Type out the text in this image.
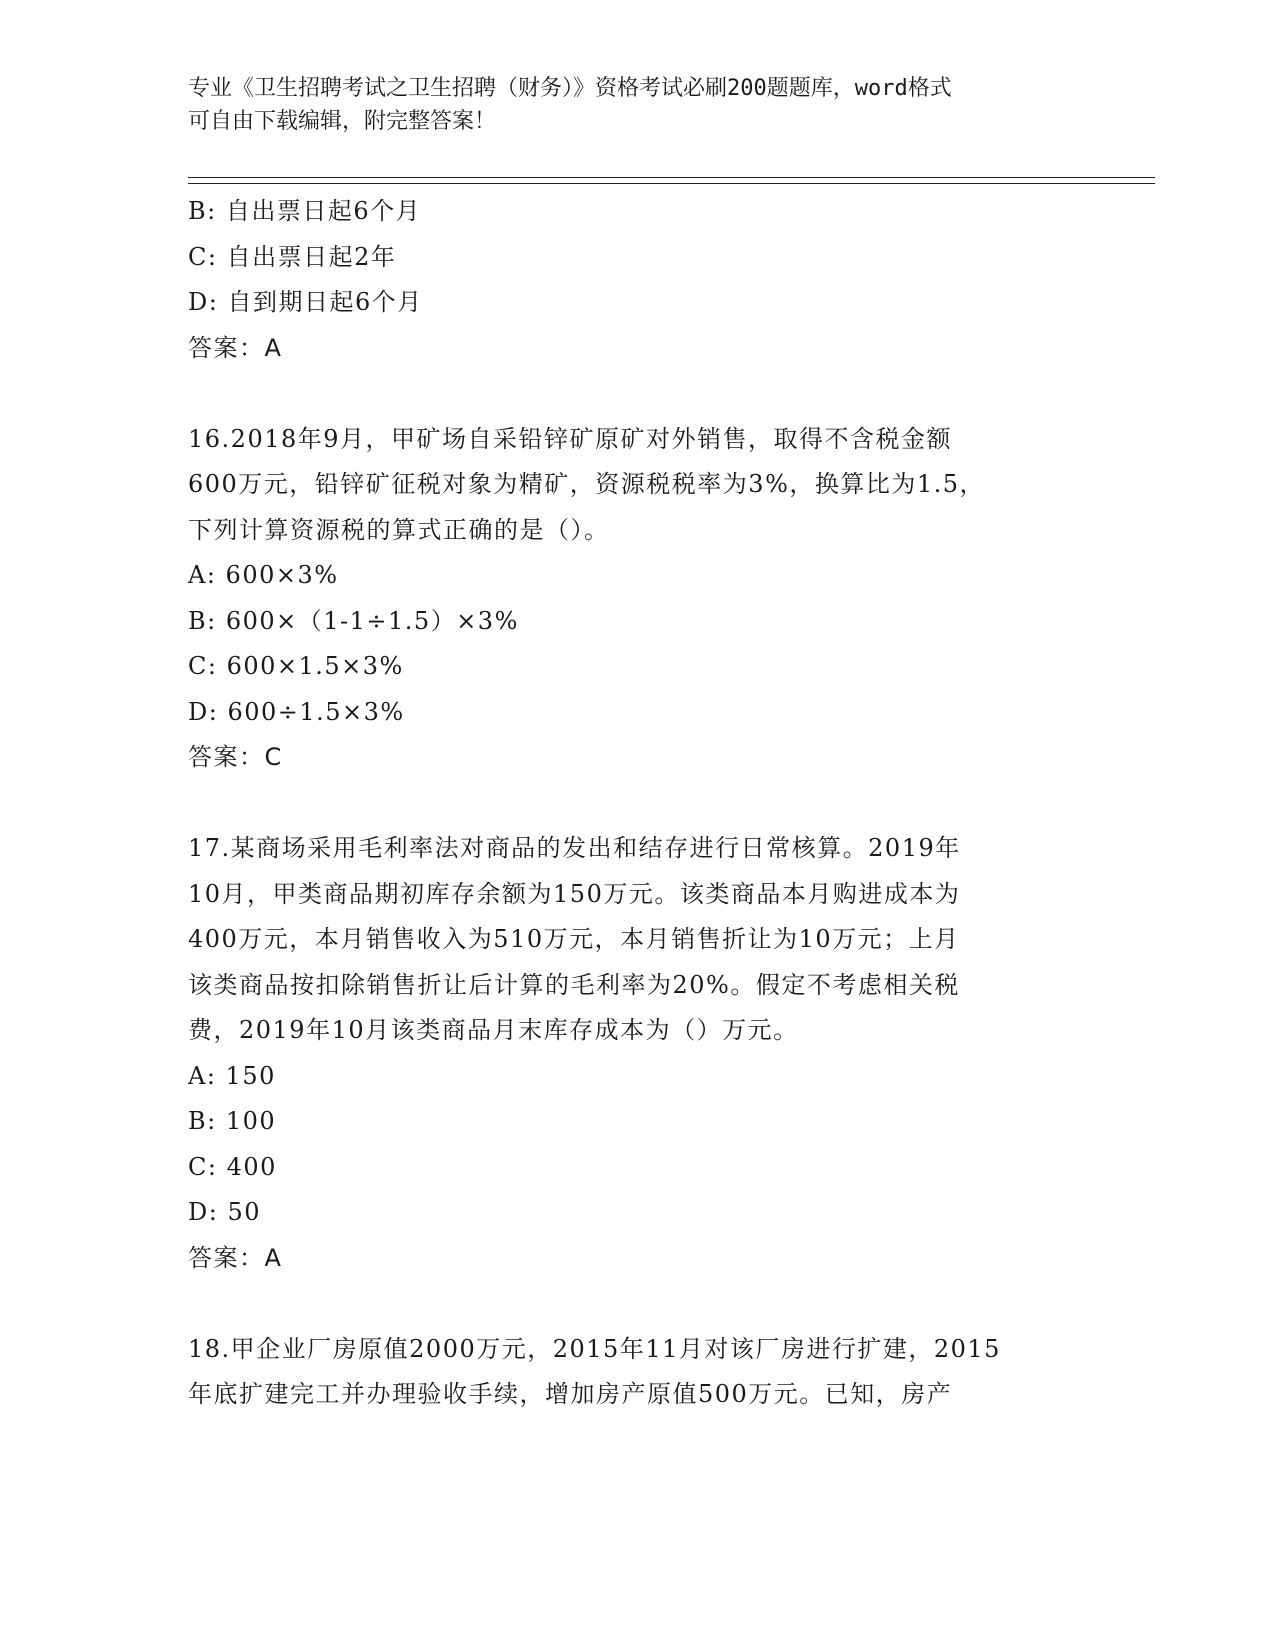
专业《卫生招聘考试之卫生招聘（财务）》资格考试必刷200题题库，word格式
可自由下载编辑，附完整答案！
B: 自出票日起6个月
C: 自出票日起2年
D: 自到期日起6个月
答案：A
16.2018年9月，甲矿场自采铅锌矿原矿对外销售，取得不含税金额
600万元，铅锌矿征税对象为精矿，资源税税率为3%，换算比为1.5，
下列计算资源税的算式正确的是（）。
A: 600×3%
B: 600×（1-1÷1.5）×3%
C: 600×1.5×3%
D: 600÷1.5×3%
答案：C
17.某商场采用毛利率法对商品的发出和结存进行日常核算。2019年
10月，甲类商品期初库存余额为150万元。该类商品本月购进成本为
400万元，本月销售收入为510万元，本月销售折让为10万元；上月
该类商品按扣除销售折让后计算的毛利率为20%。假定不考虑相关税
费，2019年10月该类商品月末库存成本为（）万元。
A: 150
B: 100
C: 400
D: 50
答案：A
18.甲企业厂房原值2000万元，2015年11月对该厂房进行扩建，2015
年底扩建完工并办理验收手续，增加房产原值500万元。已知，房产
